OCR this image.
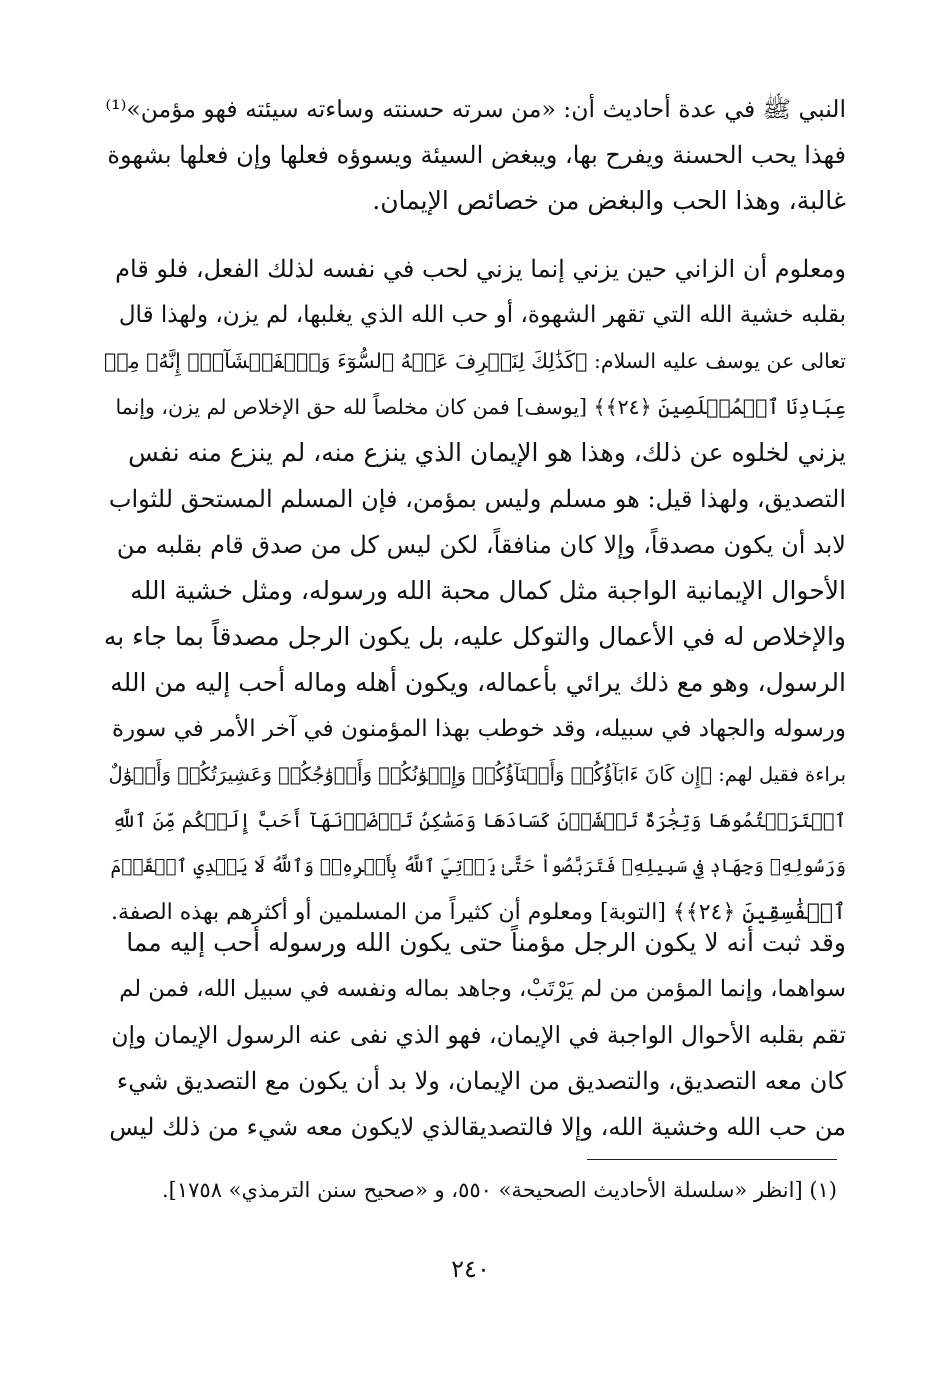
النبي ﷺ في عدة أحاديث أن: «من سرته حسنته وساءته سيئته فهو مؤمن»⁽¹⁾
فهذا يحب الحسنة ويفرح بها، ويبغض السيئة ويسوؤه فعلها وإن فعلها بشهوة
غالبة، وهذا الحب والبغض من خصائص الإيمان.
ومعلوم أن الزاني حين يزني إنما يزني لحب في نفسه لذلك الفعل، فلو قام
بقلبه خشية الله التي تقهر الشهوة، أو حب الله الذي يغلبها، لم يزن، ولهذا قال
تعالى عن يوسف عليه السلام: ﴿كَذَٰلِكَ لِنَصۡرِفَ عَنۡهُ ٱلسُّوٓءَ وَٱلۡفَحۡشَآءَۚ إِنَّهُۥ مِنۡ
عِبَادِنَا ٱلۡمُخۡلَصِينَ ﴿٢٤﴾﴾ [يوسف] فمن كان مخلصاً لله حق الإخلاص لم يزن، وإنما
يزني لخلوه عن ذلك، وهذا هو الإيمان الذي ينزع منه، لم ينزع منه نفس
التصديق، ولهذا قيل: هو مسلم وليس بمؤمن، فإن المسلم المستحق للثواب
لابد أن يكون مصدقاً، وإلا كان منافقاً، لكن ليس كل من صدق قام بقلبه من
الأحوال الإيمانية الواجبة مثل كمال محبة الله ورسوله، ومثل خشية الله
والإخلاص له في الأعمال والتوكل عليه، بل يكون الرجل مصدقاً بما جاء به
الرسول، وهو مع ذلك يرائي بأعماله، ويكون أهله وماله أحب إليه من الله
ورسوله والجهاد في سبيله، وقد خوطب بهذا المؤمنون في آخر الأمر في سورة
براءة فقيل لهم: ﴿إِن كَانَ ءَابَآؤُكُمۡ وَأَبۡنَآؤُكُمۡ وَإِخۡوَٰنُكُمۡ وَأَزۡوَٰجُكُمۡ وَعَشِيرَتُكُمۡ وَأَمۡوَٰلٌ
ٱقۡتَرَفۡتُمُوهَا وَتِجَٰرَةٌ تَخۡشَوۡنَ كَسَادَهَا وَمَسَٰكِنُ تَرۡضَوۡنَهَآ أَحَبَّ إِلَيۡكُم مِّنَ ٱللَّهِ
وَرَسُولِهِۦ وَجِهَادٖ فِي سَبِيلِهِۦ فَتَرَبَّصُواْ حَتَّىٰ يَأۡتِيَ ٱللَّهُ بِأَمۡرِهِۦۗ وَٱللَّهُ لَا يَهۡدِي ٱلۡقَوۡمَ
ٱلۡفَٰسِقِينَ ﴿٢٤﴾﴾ [التوبة] ومعلوم أن كثيراً من المسلمين أو أكثرهم بهذه الصفة.
وقد ثبت أنه لا يكون الرجل مؤمناً حتى يكون الله ورسوله أحب إليه مما
سواهما، وإنما المؤمن من لم يَرْتَبْ، وجاهد بماله ونفسه في سبيل الله، فمن لم
تقم بقلبه الأحوال الواجبة في الإيمان، فهو الذي نفى عنه الرسول الإيمان وإن
كان معه التصديق، والتصديق من الإيمان، ولا بد أن يكون مع التصديق شيء
من حب الله وخشية الله، وإلا فالتصديقالذي لايكون معه شيء من ذلك ليس
(١) [انظر «سلسلة الأحاديث الصحيحة» ٥٥٠، و «صحيح سنن الترمذي» ١٧٥٨].
٢٤٠
